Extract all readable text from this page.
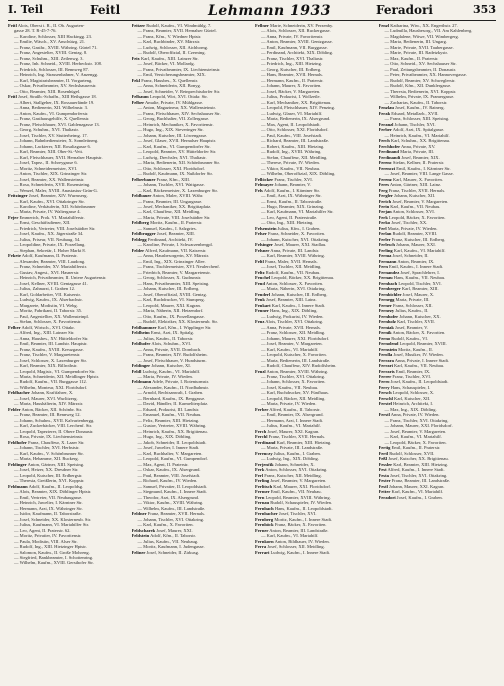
I. Teil	Feitl	Lehmann 1933	Feradori	353
Feitl Alois, Oberst i. R., II. Ob. Augarten-
gasse 28. T. R-45-7-76.
— Karoline, Schlosser, XIII Hackingg. 23.
— Emilie, Wäsch., XV. Anschützg. 21.
— Franz, Gasthr., XVIII. Währing. Gürtel 71.
— Franz, Angestelter, XVIII. Gentzg. 8.
— Franz, Schuhm., XIII. Zeilenwg. 3.
— Franz, Inh. Schneid., XVIII. Herbeckstr. 108.
— Friedrich, Schlosser, III. Rennweg 87.
— Heinrich, Ing. Strassenbahner, V. Anzengg.
— Karl, Magistratsbeamter, II. Vorgarteng.
— Oskar, Privatbeamter, XV. Sechshauserstr.
— Otto, Beamter, XIII. Rosenhügel.
Feitl Josef, Straßb.-Schaffn., XIII Heilsgasse 18.
— Albert, Stallgeher, IX. Rossauerlände 19.
— Anna, Bedienerin, XII. Wilhelmstr. 3.
— Anton, Kaufm., VI. Gumpendorferstr.
— Franz, Gasthausgehilfe, X. Quellenstr.
— Franz, Fleischhauer, XVI. Gablenzgasse 13.
— Georg, Schuhm., XVI. Thaliastr.
— Josef, Tischler, XV. Stutterheimg. 17.
— Johann, Bahnbediensteter, X. Sonnleitnerg.
— Johann, Lackierer, XII. Rosaliagasse 6.
— Karl, Beamter, XIII. Ober-St.-Veit.
— Karl, Fleischhauer, XVII. Hernalser Hauptstr.
— Josef, Tapez., II. Schreygasse 6.
— Moritz, Schneidermeister, XVI.
— Anton, Tischler, XIX. Grinzinger Str.
— Josef, Beamter, XX. Wallensteinstr.
— Rosa, Schneiderin, XVII. Rosensteing.
— Wenzel, Maler, XVIII. Anastasius-Grün-G.
Feitzinger Josef, Beamter, XIV. Wurmserg.
— Karl, Kaufm., XVI. Ottakringer Str.
— Karoline, Verkäuferin, XII. Schönbrunner
— Maria, Private, IV. Waltergasse 4.
Fejer Emmerich, Prok. VI. Mariahilferstr.
— Ernst, Geschäftsdiener, XII.
— Friedrich, Vertreter, VIII. Josefstädter Str.
— Josef, Kaufm., XX. Jägerstraße 34.
— Julius, Friseur, VII. Neubaug. 54.
— Leopoldine, Private, IX. Porzellang.
— Stephan, Sekretär, I. Hoher Markt 8.
Fekete Adolf, Kaufmann, II. Praterstr.
— Alexander, Beamter, VIII. Laudong.
— Franz, Schneider, XV. Mariahilferstr.
— Gustav, Angest., XVI. Hasnerstr.
— Heinrich, Privatbeamter, II. Untere Augartenstr.
— Josef, Kellner, XVIII. Gentzgasse 41.
— Julius, Zahnarzt, I. Graben 12.
— Karl, Goldarbeiter, VII. Kaiserstr.
— Ludwig, Kaufm., IX. Alserbachstr.
— Margarete, Modistin, VI. Webg.
— Moritz, Fabrikant, II. Taborstr. 35.
— Paul, Angestellter, XX. Wallensteinpl.
— Stefan, Schlosser, X. Favoritenstr.
Felber Adolf, Wirtsch., XVI. Ottakr.
— Alfred, Ing., XIII. Lainzer Str.
— Anna, Hausbes., XV. Hütteldorfer Str.
— Emil, Beamter, III. Landstr. Hauptstr.
— Franz, Kaufm., XVIII. Kreuzgasse.
— Franz, Tischler, V. Margaretenstr.
— Josef, Schlosser, X. Laxenburger Str.
— Karl, Beamter, XIX. Billrothstr.
— Leopold, Magistr., VI. Gumpendorfer Str.
— Maria, Schneiderin, XII. Meidlinger Hptstr.
— Rudolf, Kaufm., VII. Burggasse 112.
— Wilhelm, Monteur, XXI. Floridsdorf.
Feldbacher Johann, Kraftfahrer, X.
— Josef, Maurer, XVI. Wurlitzerg.
— Maria, Haushälterin, XIV. Märzstr.
Felder Anton, Bäcker, XII. Schönbr. Str.
— Franz, Beamter, III. Rennweg 12.
— Johann, Schuhm., XVII. Kalvarienbergg.
— Karl, Zuckerbäcker, VIII. Lerchenf. Str.
— Leopold, Tapezierer, II. Obere Donaustr.
— Rosa, Private, IX. Liechtensteinstr.
Feldhofer Franz, Chauffeur, X. Laaer Str.
— Johann, Tischler, XVI. Herbststr.
— Karl, Kaufm., V. Schönbrunner Str.
— Maria, Hebamme, XII. Ruckerg.
Feldinger Anton, Gärtner, XIII. Speising.
— Josef, Heizer, XX. Dresdner Str.
— Leopold, Kutscher, III. Erdbergstr.
— Theresia, Greißlerin, XVI. Koppstr.
Feldmann Adolf, Kaufm., II. Leopoldsg.
— Alois, Beamter, XIX. Döblinger Hptstr.
— Emil, Vertreter, VII. Neubaugasse.
— Heinrich, Juwelier, I. Kärntner Str.
— Hermann, Arzt, IX. Währinger Str.
— Isidor, Kaufmann, II. Taborstraße.
— Josef, Schneider, XX. Klosterneub. Str.
— Julius, Kaufmann, VI. Mariahilfer Str.
— Leo, Agent, II. Praterstr. 62.
— Moritz, Privatier, IV. Favoritenstr.
— Paula, Modistin, VIII. Alser Str.
— Rudolf, Ing., XIII. Hietzinger Hptstr.
— Salomon, Kaufm., II. Große Mohreng.
— Siegfried, Bankbeamter, I. Schottenring.
— Wilhelm, Kaufm., XVIII. Gersthofer Str.
Feitzer Rudolf, Kaufm., VI. Windmühlg. 7.
— Franz, Beamter, XVII. Hernalser Gürtel.
— Franz, Kfm., V. Wiedner Hptstr.
— Karl, Buchbinder, XV. Märzstr.
— Ludwig, Schlosser, XII. Aichhorng.
— Rudolf, Oberoffizial, II. Czerning.
Feix Karl, Kaufm., XIII. Lainzer Str.
— Josef, Bäcker, VI. Mollardg.
— Franz, Privatbeamter, IX. Liechtensteinstr.
— Emil, Versicherungsbeamter, XIX.
Fekl Franz, Hausbes., X. Quellenstr.
— Anna, Schneiderin, XII. Bonyg.
— Josef, Schneider, V. Reinprechtsdorfer Str.
Felbaum Leopold, Wirt, XVI. Ottakr. Str.
Felber Amalie, Private, IV. Mühlgasse.
— Anton, Magazineur, XX. Wallensteinstr.
— Franz, Fleischhauer, XIV. Sechshauser Str.
— Georg, Buchhalter, VII. Zollergasse.
— Heinrich, Mechaniker, X. Favoritenstr.
— Hugo, Ing., XIX. Sieveringer Str.
— Johann, Kutscher, III. Löwengasse.
— Josef, Glaser, XVII. Hernalser Hauptstr.
— Karl, Kaufm., VI. Gumpendorfer Str.
— Leopold, Beamter, XV. Hütteldorfer Str.
— Ludwig, Drechsler, XVI. Thaliastr.
— Maria, Bedienerin, XII. Schönbrunner Str.
— Otto, Schlosser, XXI. Floridsdorf.
— Rudolf, Kaufmann, IX. Nußdorfer Str.
Felberbauer Franz, Kfm., XIII.
— Johann, Tischler, XVI. Wattgasse.
— Karl, Bäckermeister, X. Laxenburger Str.
Feldbauer Anton, Maler, XVIII. Währ.
— Franz, Beamter, III. Ungargasse.
— Josef, Mechaniker, XX. Brigittaplatz.
— Karl, Chauffeur, XII. Meidling.
— Maria, Private, VIII. Josefstädter Str.
Feldberg Moritz, Kaufm., II. Praterstr.
— Samuel, Kaufm., I. Salzgries.
Feldbrugger Josef, Beamter, XIII.
Feldegg Ferdinand, Architekt, IV.
— Karoline, Private, I. Schwarzenbergpl.
Felder Alfred, Kaufmann, VII. Kaiserstr.
— Anna, Hausbesorgerin, XV. Märzstr.
— Emil, Ing., XIX. Grinzinger Allee.
— Franz, Tischlermeister, XVI. Neulerchenf.
— Friedrich, Beamter, V. Margaretenstr.
— Georg, Schlosser, X. Gudrunstr.
— Hans, Privatbeamter, XIII. Speising.
— Johann, Kutscher, III. Erdberg.
— Josef, Oberoffizial, XVIII. Gentzg.
— Karl, Buchdrucker, VI. Stumperg.
— Leopold, Maurer, XXI. Kagran.
— Maria, Näherin, XII. Hetzendorf.
— Otto, Kaufm., IX. Porzellangasse.
— Rudolf, Elektriker, XX. Klosterneub. Str.
Feldhammer Karl, Kfm., I. Wipplinger Str.
Feldheim Ernst, Arzt, IX. Spitalg.
— Julius, Kaufm., II. Taborstr.
Feldhofer Alois, Schuhm., XVI.
— Anna, Private, XVII. Dornbach.
— Franz, Beamter, XIV. Rudolfsheim.
— Josef, Fleischhauer, V. Hundsturm.
Feldinger Johann, Kutscher, XI.
Feldl Ludwig, Kaufm., VI. Mariahilf.
— Maria, Private, IV. Wieden.
Feldmann Adele, Private, I. Rotenturmstr.
— Alexander, Kaufm., II. Nordbahnstr.
— Arnold, Rechtsanwalt, I. Graben.
— Bernhard, Kaufm., IX. Berggasse.
— David, Händler, II. Karmeliterplatz.
— Eduard, Prokurist, III. Landstr.
— Emanuel, Kaufm., VII. Neubau.
— Felix, Beamter, XIII. Hietzing.
— Gustav, Vertreter, XVIII. Währing.
— Heinrich, Kaufm., XX. Brigittenau.
— Hugo, Ing., XIX. Döbling.
— Jakob, Schneider, II. Leopoldstadt.
— Josef, Juwelier, I. Innere Stadt.
— Karl, Buchhalter, V. Margareten.
— Leopold, Kaufm., VI. Gumpendorf.
— Max, Agent, II. Praterstr.
— Oskar, Kaufm., IX. Alsergrund.
— Paul, Beamter, VIII. Josefstadt.
— Richard, Kaufm., IV. Wieden.
— Samuel, Privatier, II. Leopoldstadt.
— Siegmund, Kaufm., I. Innere Stadt.
— Theodor, Arzt, IX. Alsergrund.
— Viktor, Kaufm., XVIII. Währing.
— Wilhelm, Kaufm., III. Landstraße.
Feldner Franz, Beamter, XVII. Hernals.
— Johann, Tischler, XVI. Ottakring.
— Karl, Kaufm., X. Favoriten.
Feldscharek Josef, Maurer, XXI.
Feldstein Adolf, Kfm., II. Taborstr.
— Julius, Kaufm., VII. Neubaug.
— Moritz, Kaufmann, I. Judengasse.
Feliner Josef, Schneider, II. Zirkusg.
Fellner Marie, Schneiderin, XV. Perzenby.
— Alois, Schlosser, XII. Ruckergasse.
— Anna, Private, IV. Favoritenstr.
— Anton, Beamter, XVIII. Gentzgasse.
— Emil, Kaufmann, VII. Burggasse.
— Ferdinand, Architekt, XIX. Döbling.
— Franz, Tischler, XVI. Thaliastr.
— Friedrich, Ing., XIII. Hietzing.
— Georg, Kutscher, III. Erdberg.
— Hans, Beamter, XVII. Hernals.
— Hermann, Kaufm., II. Praterstr.
— Johann, Maurer, X. Favoriten.
— Josef, Bäcker, V. Margareten.
— Julius, Prokurist, I. Wollzeile.
— Karl, Mechaniker, XX. Brigittenau.
— Leopold, Fleischhauer, XIV. Penzing.
— Ludwig, Glaser, VI. Mariahilf.
— Maria, Bedienerin, IX. Alsergrund.
— Max, Agent, II. Leopoldstadt.
— Otto, Schlosser, XXI. Floridsdorf.
— Paul, Kaufm., VIII. Josefstadt.
— Richard, Beamter, III. Landstraße.
— Robert, Kaufm., XIII. Hietzing.
— Rudolf, Ing., XVIII. Währing.
— Stefan, Chauffeur, XII. Meidling.
— Therese, Private, IV. Wieden.
— Viktor, Kaufm., VII. Neubau.
— Wilhelm, Oberoffizial, XIX. Döbling.
Fellöcker Franz, Tischler, XVI.
Felmayer Johann, Beamter, V.
Fels Adolf, Kaufm., I. Kärntner Str.
— Emil, Arzt, IX. Währinger Str.
— Ernst, Kaufm., II. Taborstraße.
— Hugo, Beamter, XIX. Grinzing.
— Karl, Kaufmann, VI. Mariahilfer Str.
— Leo, Agent, II. Praterstraße.
— Otto, Ing., XIII. Hietzing.
Felsenstein Julius, Kfm., I. Graben.
Felser Franz, Schneider, X. Favoriten.
— Johann, Kutscher, XVI. Ottakring.
Felsinger Josef, Maurer, XXI. Stadlau.
Felsner Anna, Private, III. Landstr.
— Karl, Beamter, XVIII. Währing.
Feltl Franz, Maler, XVII. Hernals.
— Josef, Tischler, XII. Meidling.
Feltz Rudolf, Kaufm., VII. Neubau.
Fenchel Leopold, Bäcker, XX. Brigittenau.
Fend Anton, Schlosser, X. Favoriten.
— Maria, Näherin, XVI. Ottakring.
Fenderl Johann, Kutscher, III. Erdberg.
Fenk Josef, Beamter, XIII. Lainz.
Fenkart Karl, Kaufm., I. Innere Stadt.
Fenner Hans, Ing., XIX. Döbling.
— Ludwig, Prokurist, IV. Wieden.
Fenz Alois, Tischler, XVI. Ottakring.
— Anna, Private, XVII. Hernals.
— Franz, Schlosser, XII. Meidling.
— Johann, Maurer, XXI. Floridsdorf.
— Josef, Beamter, V. Margareten.
— Karl, Kaufm., VI. Mariahilf.
— Leopold, Kutscher, X. Favoriten.
— Maria, Bedienerin, III. Landstraße.
— Rudolf, Chauffeur, XIV. Rudolfsheim.
Fenzl Anton, Beamter, XVIII. Währing.
— Franz, Tischler, XVI. Ottakring.
— Johann, Schlosser, X. Favoriten.
— Josef, Kaufm., VII. Neubau.
— Karl, Buchdrucker, XV. Fünfhaus.
— Leopold, Bäcker, XII. Meidling.
— Maria, Private, IV. Wieden.
Ferber Alfred, Kaufm., II. Taborstr.
— Emil, Beamter, IX. Alsergrund.
— Hermann, Arzt, I. Innere Stadt.
— Julius, Kaufm., VI. Mariahilf.
Ferch Josef, Maurer, XXI. Kagran.
Ferchl Franz, Tischler, XVII. Hernals.
Ferdinand Karl, Beamter, XIII. Hietzing.
— Maria, Private, III. Landstraße.
Ferenczy Julius, Kaufm., I. Graben.
— Ludwig, Ing., XIX. Döbling.
Ferjenčik Johann, Schneider, X.
Ferk Anton, Schlosser, XVI. Ottakring.
Ferl Franz, Kutscher, XII. Meidling.
Ferling Josef, Beamter, V. Margareten.
Ferlitsch Karl, Maurer, XXI. Floridsdorf.
Fermer Emil, Kaufm., VII. Neubau.
Fern Leopold, Beamter, XVIII. Währing.
Fernau Rudolf, Schauspieler, IV. Wieden.
Fernbach Hans, Kaufm., II. Leopoldstadt.
Fernbacher Josef, Tischler, XVI.
Fernberg Moritz, Kaufm., I. Innere Stadt.
Fernböck Franz, Bäcker, X. Favoriten.
Ferner Anton, Beamter, III. Landstraße.
— Karl, Kaufm., VI. Mariahilf.
Fernkorn Anton, Bildhauer, IV. Wieden.
Ferra Josef, Schlosser, XII. Meidling.
Ferrari Ludwig, Kaufm., I. Innere Stadt.
Fenzl Katharina, Wtw., XX. Engerthstr. 27.
— Ludmilla, Hausbesorg., VII. Am Kahlenberg.
— Magdalene, Witwe, VII. Wimbergerg.
— Maria, Bedienerin, III. Ungarg.
— Marie, Private, XVII. Taubergasse.
— Marie, Private, III. Radetzkystr.
— Max, Kaufm., II. Praterstr.
— Otto, Schneid., XV. Sechshauser Str.
— Paul, Zeitungsbeamter, II. Donaustr.
— Peter, Privatbeamter, XX. Hannovergasse.
— Rudolf, Beamter, XV. Schweglerstr.
— Rudolf, Kfm., XII. Dunklergasse.
— Theresia, Bedienerin, XVI. Koppstr.
— Wilhelm, Private, IX. Pramergasse.
— Zacharias, Kaufm., II. Taborstr.
Fenzlau Josef, Kaufm., IV. Rainerg.
Ferak Eduard, Metallarb., XVII.
— Franz, Schlosser, XIII. Speising.
Feranzl Johann, Tischler, XVI.
Ferber Adolf, Arzt, IX. Spitalgasse.
— Heinrich, Kaufm., VI. Mariahilf.
Ferch Karl, Schuhm., XX. Brigittenau.
Ferchhofer Anna, Private, XV.
Ferdinand Maria, Private, III.
Ferdinandi Josef, Beamter, XIX.
Ferenc Stefan, Kellner, II. Praterstr.
Ferenczi Emil, Kaufm., I. Kärntner Str.
— Josef, Beamter, VIII. Lange Gasse.
Ferenz Karl, Maurer, X. Favoriten.
Feres Anton, Gärtner, XIII. Lainz.
Ferg Franz, Tischler, XVII. Hernals.
Fergler Johann, Kutscher, XII.
Ferich Josef, Beamter, V. Margareten.
Ferin Karl, Kaufm., VII. Neubau.
Ferjan Anton, Schlosser, XVI.
Ferk Leopold, Bäcker, X. Favoriten.
Ferko Josef, Tischler, XX.
Ferl Maria, Private, IV. Wieden.
Ferlan Rudolf, Beamter, XVIII.
Ferler Franz, Kutscher, III. Erdberg.
Ferlesch Johann, Maurer, XXI.
Ferling Karl, Kaufm., VI. Mariahilf.
Ferma Josef, Schneider, II.
Fermann Anton, Beamter, IX.
Fern Emil, Kaufm., I. Innere Stadt.
Fernandez Josef, Sprachlehrer, I.
Fernau Hans, Kaufm., VII. Neubau.
Fernbach Leopold, Tischler, XVI.
Fernberger Karl, Beamter, XIII.
Fernbichler Josef, Maurer, X.
Fernegg Maria, Private, III.
Ferner Franz, Schlosser, XII.
Fernezy Julius, Kaufm., II.
Fernhofer Johann, Kutscher, XX.
Fernholz Karl, Tischler, XVII.
Ferniak Josef, Beamter, V.
Fernik Anton, Bäcker, X. Favoriten.
Ferno Rudolf, Kaufm., VI.
Fernolend Leopold, Beamter, XVIII.
Fernstein Moritz, Kaufm., II.
Ferolla Josef, Musiker, IV. Wieden.
Ferrara Anna, Private, I. Innere Stadt.
Ferrari Karl, Kaufm., VII. Neubau.
Ferraris Emil, Beamter, IX.
Ferrer Franz, Tischler, XVI.
Ferro Josef, Kaufm., II. Leopoldstadt.
Ferry Hans, Schauspieler, I.
Fersch Leopold, Schlosser, X.
Ferschl Karl, Kutscher, XII.
Ferstel Heinrich, Architekt, I.
— Max, Ing., XIX. Döbling.
Ferstl Anna, Private, IV. Wieden.
— Franz, Tischler, XVI. Ottakring.
— Johann, Maurer, XXI. Floridsdorf.
— Josef, Beamter, V. Margareten.
— Karl, Kaufm., VI. Mariahilf.
— Leopold, Bäcker, X. Favoriten.
Fertig Emil, Kaufm., II. Praterstr.
Fertl Rudolf, Schlosser, XVII.
Feßl Josef, Kutscher, XX. Brigittenau.
Fessler Karl, Beamter, XIII. Hietzing.
Fest Alfred, Kaufm., I. Innere Stadt.
Festa Josef, Tischler, XVI. Ottakring.
Fester Franz, Beamter, III. Landstraße.
Festl Johann, Maurer, XXI. Kagran.
Fetter Karl, Kaufm., VI. Mariahilf.
Feradori Josef, Kaufm., I. Graben.
